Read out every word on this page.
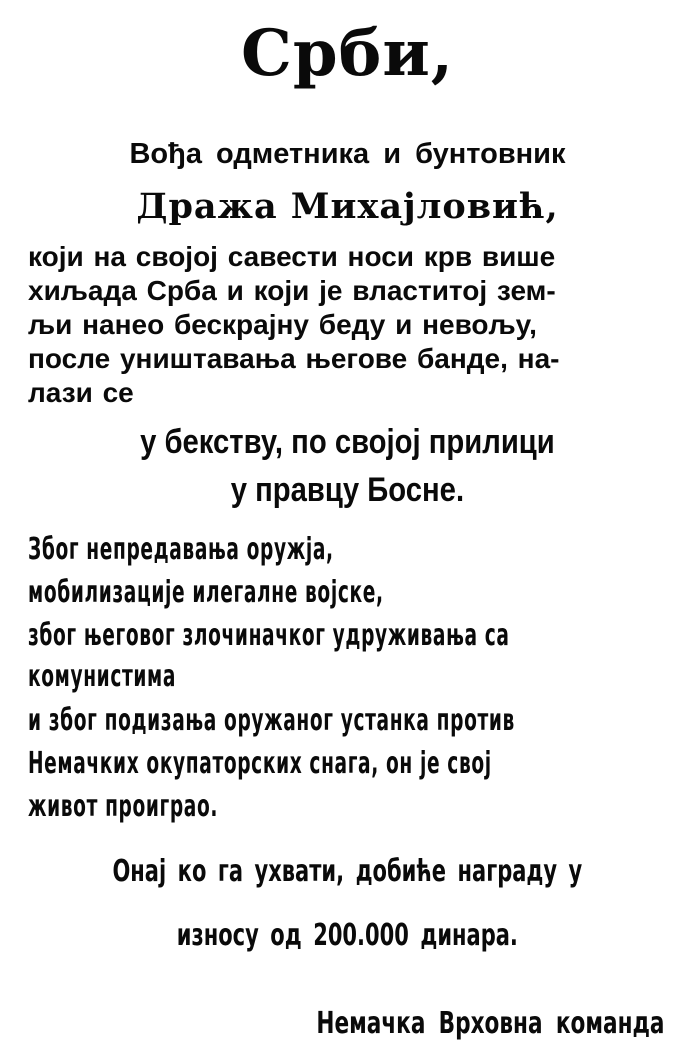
Срби,
Вођа одметника и бунтовник
Дража Михајловић,
који на својој савести носи крв више
хиљада Срба и који је властитој зем-
љи нанео бескрајну беду и невољу,
после уништавања његове банде, на-
лази се
у бекству, по својој прилици
у правцу Босне.
Због непредавања оружја,
мобилизације илегалне војске,
због његовог злочиначког удруживања са
комунистима
и због подизања оружаног устанка против
Немачких окупаторских снага, он је свој
живот проиграо.
Онај ко га ухвати, добиће награду у
износу од 200.000 динара.
Немачка Врховна команда
